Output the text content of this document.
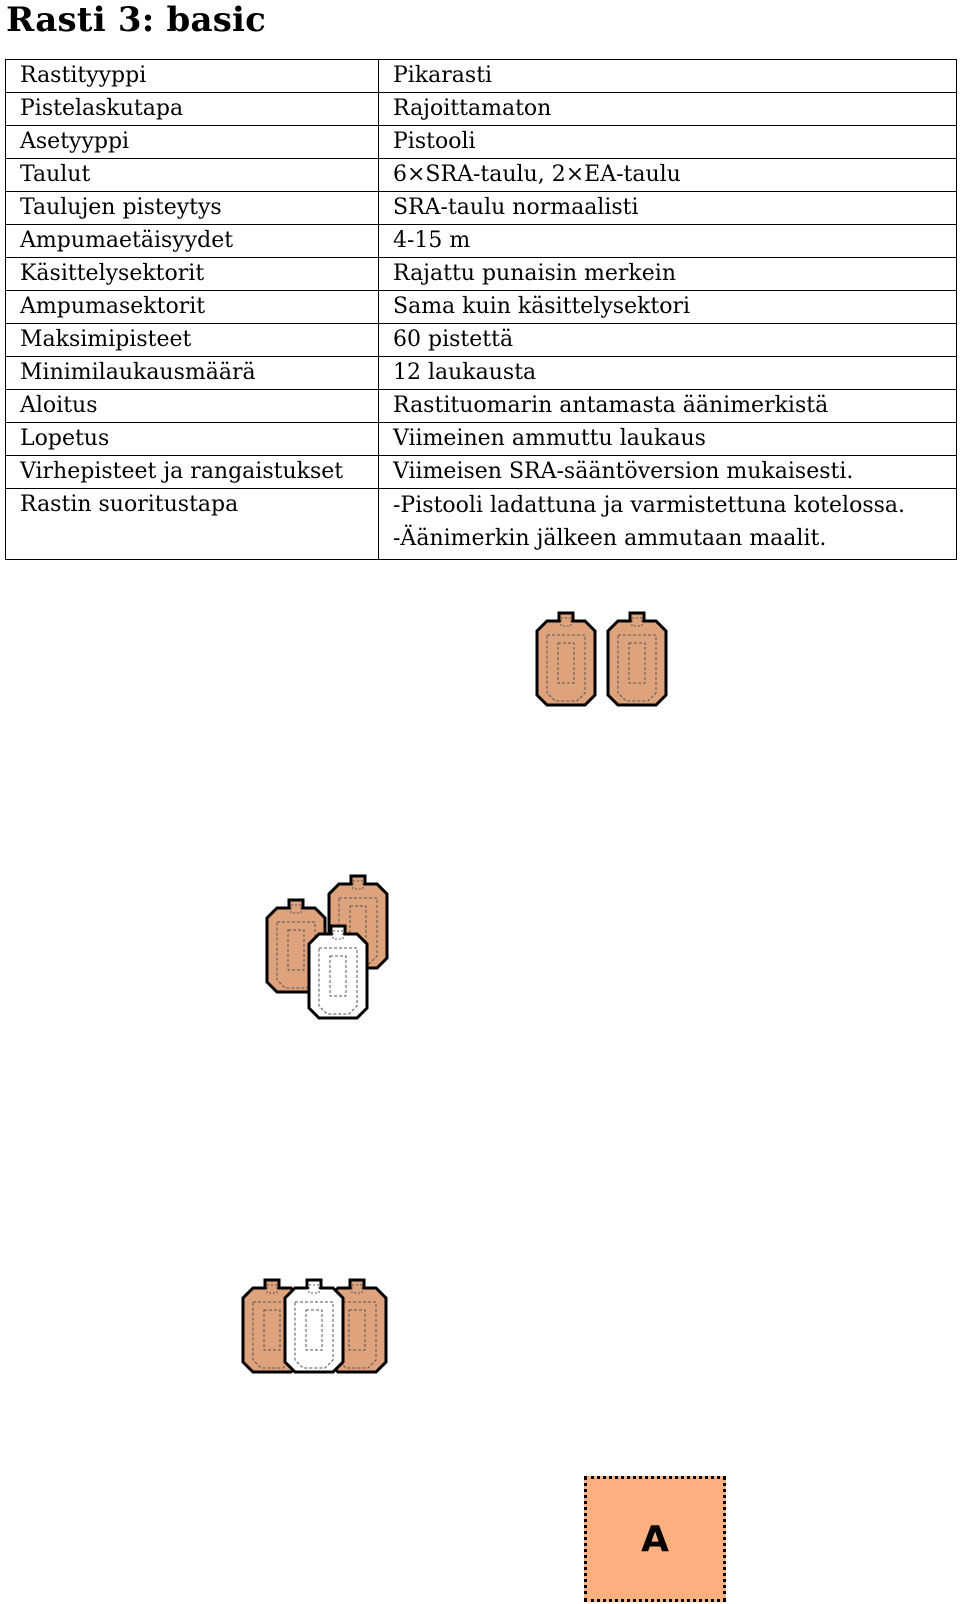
Rasti 3: basic
Rastityyppi	Pikarasti
Pistelaskutapa	Rajoittamaton
Asetyyppi	Pistooli
Taulut	6×SRA-taulu, 2×EA-taulu
Taulujen pisteytys	SRA-taulu normaalisti
Ampumaetäisyydet	4-15 m
Käsittelysektorit	Rajattu punaisin merkein
Ampumasektorit	Sama kuin käsittelysektori
Maksimipisteet	60 pistettä
Minimilaukausmäärä	12 laukausta
Aloitus	Rastituomarin antamasta äänimerkistä
Lopetus	Viimeinen ammuttu laukaus
Virhepisteet ja rangaistukset	Viimeisen SRA-sääntöversion mukaisesti.
Rastin suoritustapa	-Pistooli ladattuna ja varmistettuna kotelossa.
-Äänimerkin jälkeen ammutaan maalit.
A
